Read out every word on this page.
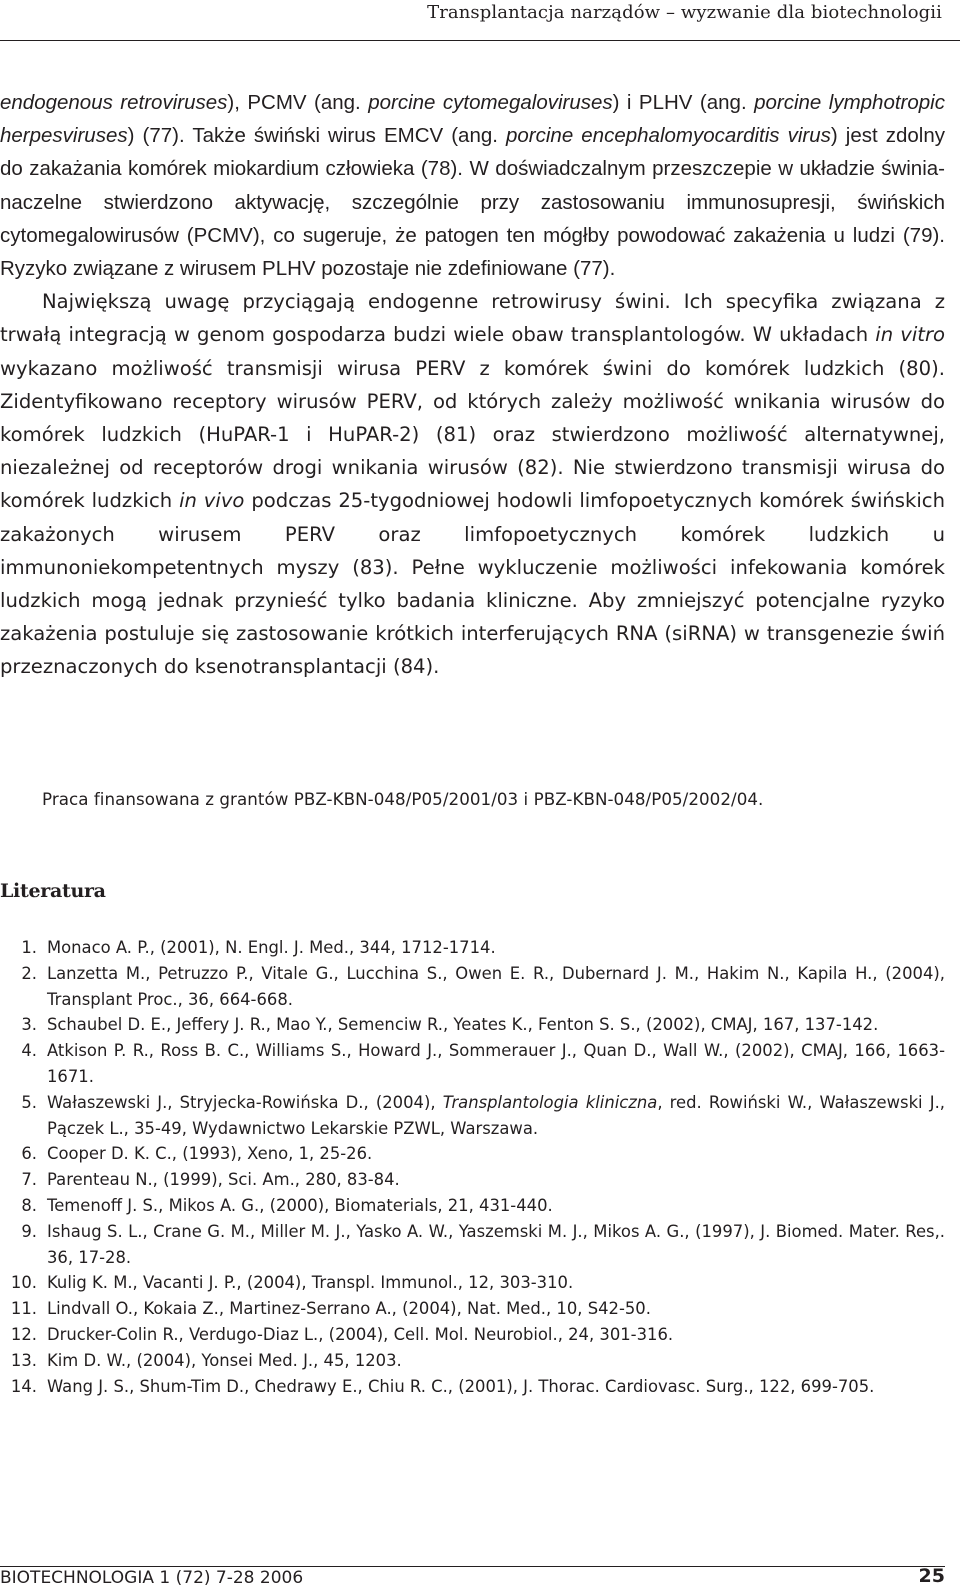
Transplantacja narządów – wyzwanie dla biotechnologii

endogenous retroviruses), PCMV (ang. porcine cytomegaloviruses) i PLHV (ang. porcine lymphotropic herpesviruses) (77). Także świński wirus EMCV (ang. porcine encephalomyocarditis virus) jest zdolny do zakażania komórek miokardium człowieka (78). W doświadczalnym przeszczepie w układzie świnia-naczelne stwierdzono aktywację, szczególnie przy zastosowaniu immunosupresji, świńskich cytomegalowirusów (PCMV), co sugeruje, że patogen ten mógłby powodować zakażenia u ludzi (79). Ryzyko związane z wirusem PLHV pozostaje nie zdefiniowane (77).

Największą uwagę przyciągają endogenne retrowirusy świni. Ich specyfika związana z trwałą integracją w genom gospodarza budzi wiele obaw transplantologów. W układach in vitro wykazano możliwość transmisji wirusa PERV z komórek świni do komórek ludzkich (80). Zidentyfikowano receptory wirusów PERV, od których zależy możliwość wnikania wirusów do komórek ludzkich (HuPAR-1 i HuPAR-2) (81) oraz stwierdzono możliwość alternatywnej, niezależnej od receptorów drogi wnikania wirusów (82). Nie stwierdzono transmisji wirusa do komórek ludzkich in vivo podczas 25-tygodniowej hodowli limfopoetycznych komórek świńskich zakażonych wirusem PERV oraz limfopoetycznych komórek ludzkich u immunoniekompetentnych myszy (83). Pełne wykluczenie możliwości infekowania komórek ludzkich mogą jednak przynieść tylko badania kliniczne. Aby zmniejszyć potencjalne ryzyko zakażenia postuluje się zastosowanie krótkich interferujących RNA (siRNA) w transgenezie świń przeznaczonych do ksenotransplantacji (84).

Praca finansowana z grantów PBZ-KBN-048/P05/2001/03 i PBZ-KBN-048/P05/2002/04.
Literatura
1. Monaco A. P., (2001), N. Engl. J. Med., 344, 1712-1714.
2. Lanzetta M., Petruzzo P., Vitale G., Lucchina S., Owen E. R., Dubernard J. M., Hakim N., Kapila H., (2004), Transplant Proc., 36, 664-668.
3. Schaubel D. E., Jeffery J. R., Mao Y., Semenciw R., Yeates K., Fenton S. S., (2002), CMAJ, 167, 137-142.
4. Atkison P. R., Ross B. C., Williams S., Howard J., Sommerauer J., Quan D., Wall W., (2002), CMAJ, 166, 1663-1671.
5. Wałaszewski J., Stryjecka-Rowińska D., (2004), Transplantologia kliniczna, red. Rowiński W., Wałaszewski J., Pączek L., 35-49, Wydawnictwo Lekarskie PZWL, Warszawa.
6. Cooper D. K. C., (1993), Xeno, 1, 25-26.
7. Parenteau N., (1999), Sci. Am., 280, 83-84.
8. Temenoff J. S., Mikos A. G., (2000), Biomaterials, 21, 431-440.
9. Ishaug S. L., Crane G. M., Miller M. J., Yasko A. W., Yaszemski M. J., Mikos A. G., (1997), J. Biomed. Mater. Res,. 36, 17-28.
10. Kulig K. M., Vacanti J. P., (2004), Transpl. Immunol., 12, 303-310.
11. Lindvall O., Kokaia Z., Martinez-Serrano A., (2004), Nat. Med., 10, S42-50.
12. Drucker-Colin R., Verdugo-Diaz L., (2004), Cell. Mol. Neurobiol., 24, 301-316.
13. Kim D. W., (2004), Yonsei Med. J., 45, 1203.
14. Wang J. S., Shum-Tim D., Chedrawy E., Chiu R. C., (2001), J. Thorac. Cardiovasc. Surg., 122, 699-705.
BIOTECHNOLOGIA 1 (72) 7-28 2006	25
